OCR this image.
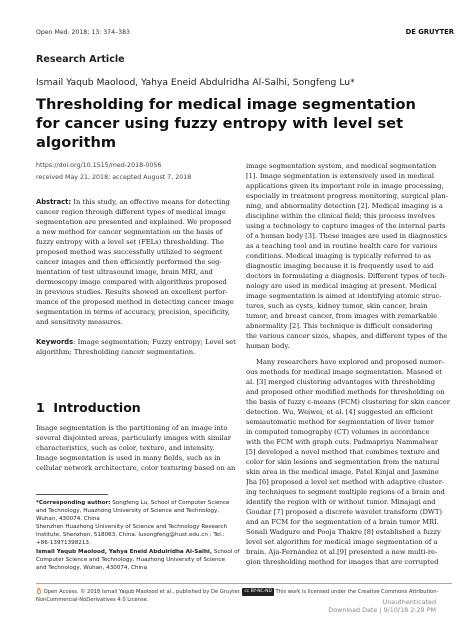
Open Med. 2018; 13: 374–383	DE GRUYTER
Research Article
Ismail Yaqub Maolood, Yahya Eneid Abdulridha Al-Salhi, Songfeng Lu*
Thresholding for medical image segmentation
for cancer using fuzzy entropy with level set
algorithm
https://doi.org/10.1515/med-2018-0056
received May 21, 2018; accepted August 7, 2018
Abstract: In this study, an effective means for detecting
cancer region through different types of medical image
segmentation are presented and explained. We proposed
a new method for cancer segmentation on the basis of
fuzzy entropy with a level set (FELs) thresholding. The
proposed method was successfully utilized to segment
cancer images and then efficiently performed the seg-
mentation of test ultrasound image, brain MRI, and
dermoscopy image compared with algorithms proposed
in previous studies. Results showed an excellent perfor-
mance of the proposed method in detecting cancer image
segmentation in terms of accuracy, precision, specificity,
and sensitivity measures.
Keywords: Image segmentation; Fuzzy entropy; Level set
algorithm; Thresholding cancer segmentation.
1 Introduction
Image segmentation is the partitioning of an image into
several disjointed areas, particularly images with similar
characteristics, such as color, texture, and intensity.
Image segmentation is used in many fields, such as in
cellular network architecture, color texturing based on an
image segmentation system, and medical segmentation
[1]. Image segmentation is extensively used in medical
applications given its important role in image processing,
especially in treatment progress monitoring, surgical plan-
ning, and abnormality detection [2]. Medical imaging is a
discipline within the clinical field; this process involves
using a technology to capture images of the internal parts
of a human body [3]. These images are used in diagnostics
as a teaching tool and in routine health care for various
conditions. Medical imaging is typically referred to as
diagnostic imaging because it is frequently used to aid
doctors in formulating a diagnosis. Different types of tech-
nology are used in medical imaging at present. Medical
image segmentation is aimed at identifying atomic struc-
tures, such as cysts, kidney tumor, skin cancer, brain
tumor, and breast cancer, from images with remarkable
abnormality [2]. This technique is difficult considering
the various cancer sizes, shapes, and different types of the
human body.
Many researchers have explored and proposed numer-
ous methods for medical image segmentation. Masood et
al. [3] merged clustering advantages with thresholding
and proposed other modified methods for thresholding on
the basis of fuzzy c-means (FCM) clustering for skin cancer
detection. Wu, Weiwei, et al. [4] suggested an efficient
semiautomatic method for segmentation of liver tumor
in computed tomography (CT) volumes in accordance
with the FCM with graph cuts. Padmapriya Nammalwar
[5] developed a novel method that combines texture and
color for skin lesions and segmentation from the natural
skin area in the medical image. Patel Kinjal and Jasmine
Jha [6] proposed a level set method with adaptive cluster-
ing techniques to segment multiple regions of a brain and
identify the region with or without tumor. Minajagi and
Goudar [7] proposed a discrete wavelet transform (DWT)
and an FCM for the segmentation of a brain tumor MRI.
Sonali Wadgure and Pooja Thakre [8] established a fuzzy
level set algorithm for medical image segmentation of a
brain. Aja-Fernández et al.[9] presented a new multi-re-
gion thresholding method for images that are corrupted
*Corresponding author: Songfeng Lu, School of Computer Science
and Technology, Huazhong University of Science and Technology,
Wuhan, 430074, China
Shenzhen Huazhong University of Science and Technology Research
Institute, Shenzhen, 518063, China. lusongfeng@hust.edu.cn ; Tel.:
+86-13971398213.
Ismail Yaqub Maolood, Yahya Eneid Abdulridha Al-Salhi, School of
Computer Science and Technology, Huazhong University of Science
and Technology, Wuhan, 430074, China
Open Access. © 2018 Ismail Yaqub Maolood et al., published by De Gruyter. cc BY-NC-ND This work is licensed under the Creative Commons Attribution-
NonCommercial-NoDerivatives 4.0 License.	Unauthenticated
Download Date | 9/10/18 2:29 PM
